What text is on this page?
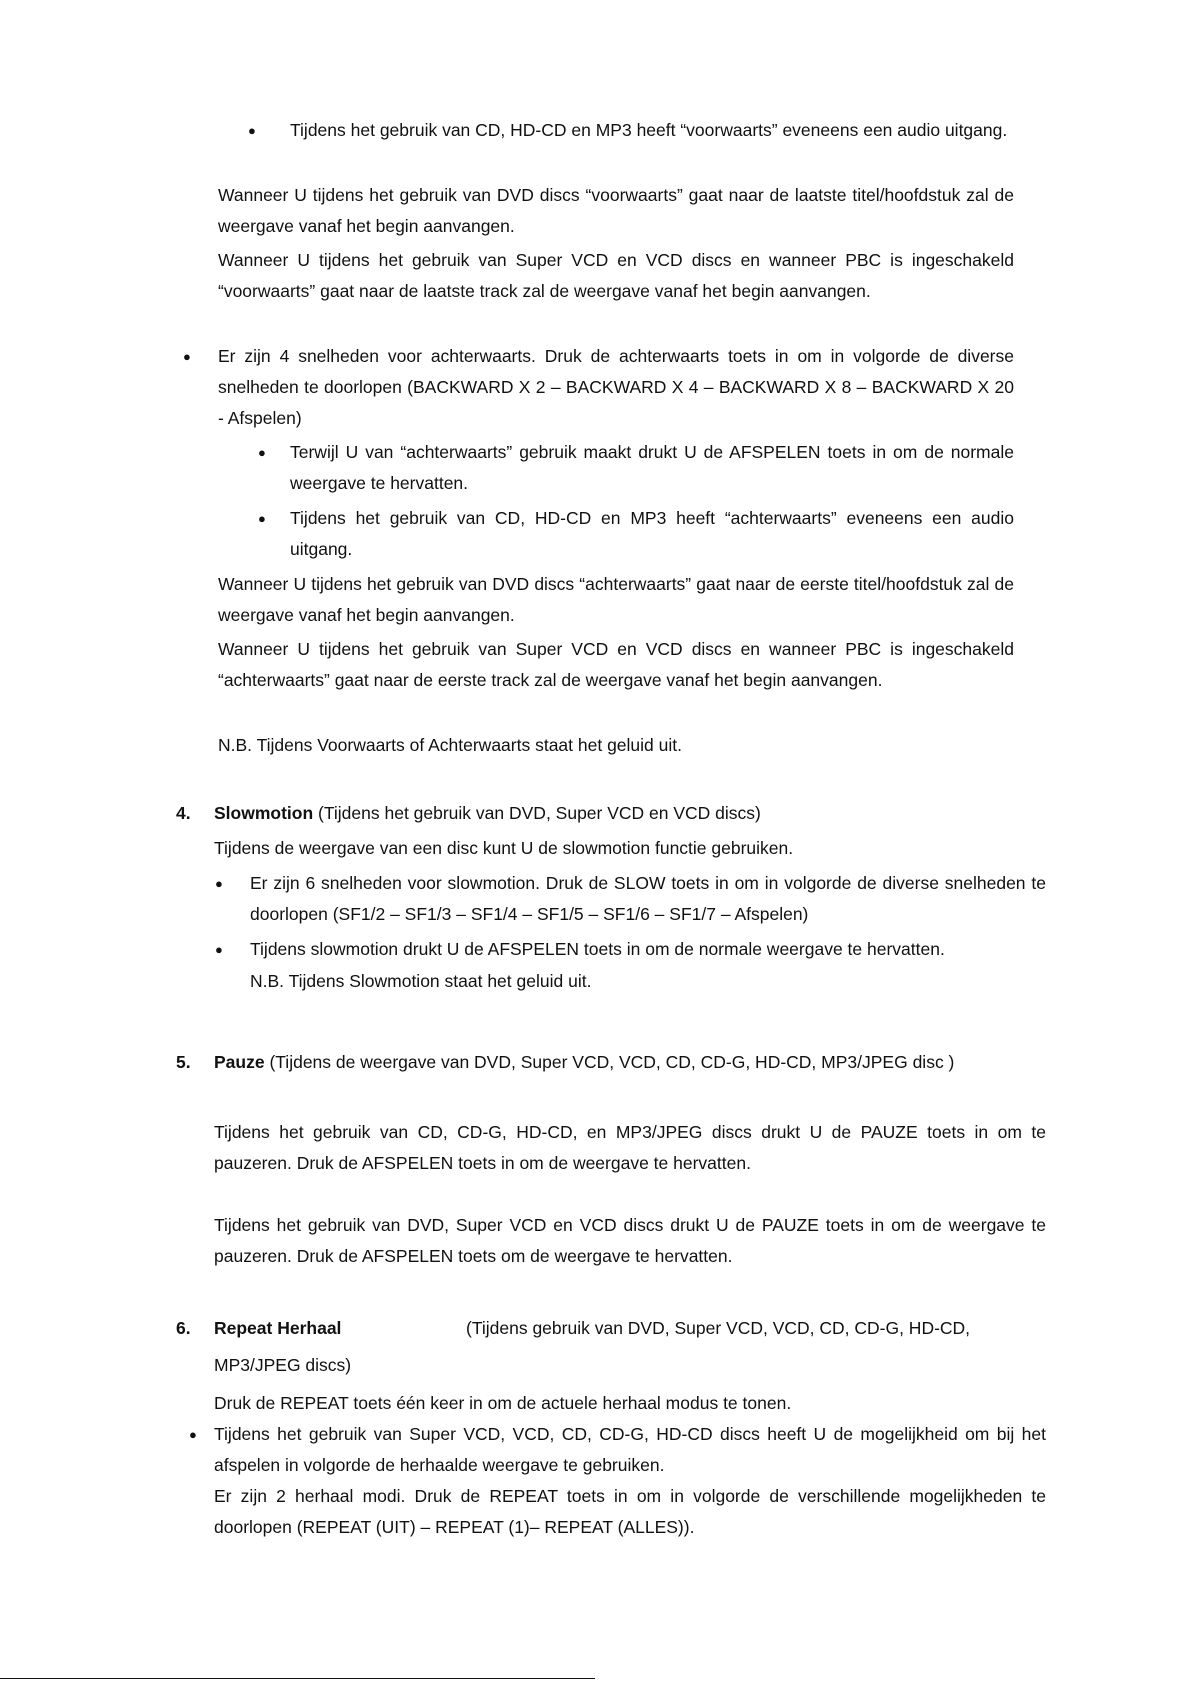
● Tijdens het gebruik van CD, HD-CD en MP3 heeft “voorwaarts” eveneens een audio uitgang.
Wanneer U tijdens het gebruik van DVD discs “voorwaarts” gaat naar de laatste titel/hoofdstuk zal de weergave vanaf het begin aanvangen.
Wanneer U tijdens het gebruik van Super VCD en VCD discs en wanneer PBC is ingeschakeld “voorwaarts” gaat naar de laatste track zal de weergave vanaf het begin aanvangen.
● Er zijn 4 snelheden voor achterwaarts. Druk de achterwaarts toets in om in volgorde de diverse snelheden te doorlopen (BACKWARD X 2 – BACKWARD X 4 – BACKWARD X 8 – BACKWARD X 20 - Afspelen)
● Terwijl U van “achterwaarts” gebruik maakt drukt U de AFSPELEN toets in om de normale weergave te hervatten.
● Tijdens het gebruik van CD, HD-CD en MP3 heeft “achterwaarts” eveneens een audio uitgang.
Wanneer U tijdens het gebruik van DVD discs “achterwaarts” gaat naar de eerste titel/hoofdstuk zal de weergave vanaf het begin aanvangen.
Wanneer U tijdens het gebruik van Super VCD en VCD discs en wanneer PBC is ingeschakeld “achterwaarts” gaat naar de eerste track zal de weergave vanaf het begin aanvangen.
N.B. Tijdens Voorwaarts of Achterwaarts staat het geluid uit.
4. Slowmotion (Tijdens het gebruik van DVD, Super VCD en VCD discs)
Tijdens de weergave van een disc kunt U de slowmotion functie gebruiken.
● Er zijn 6 snelheden voor slowmotion. Druk de SLOW toets in om in volgorde de diverse snelheden te doorlopen (SF1/2 – SF1/3 – SF1/4 – SF1/5 – SF1/6 – SF1/7 – Afspelen)
● Tijdens slowmotion drukt U de AFSPELEN toets in om de normale weergave te hervatten.
N.B. Tijdens Slowmotion staat het geluid uit.
5. Pauze (Tijdens de weergave van DVD, Super VCD, VCD, CD, CD-G, HD-CD, MP3/JPEG disc )
Tijdens het gebruik van CD, CD-G, HD-CD, en MP3/JPEG discs drukt U de PAUZE toets in om te pauzeren. Druk de AFSPELEN toets in om de weergave te hervatten.
Tijdens het gebruik van DVD, Super VCD en VCD discs drukt U de PAUZE toets in om de weergave te pauzeren. Druk de AFSPELEN toets om de weergave te hervatten.
6. Repeat Herhaal	(Tijdens gebruik van DVD, Super VCD, VCD, CD, CD-G, HD-CD,
MP3/JPEG discs)
Druk de REPEAT toets één keer in om de actuele herhaal modus te tonen.
● Tijdens het gebruik van Super VCD, VCD, CD, CD-G, HD-CD discs heeft U de mogelijkheid om bij het afspelen in volgorde de herhaalde weergave te gebruiken.
Er zijn 2 herhaal modi. Druk de REPEAT toets in om in volgorde de verschillende mogelijkheden te doorlopen (REPEAT (UIT) – REPEAT (1)– REPEAT (ALLES)).
